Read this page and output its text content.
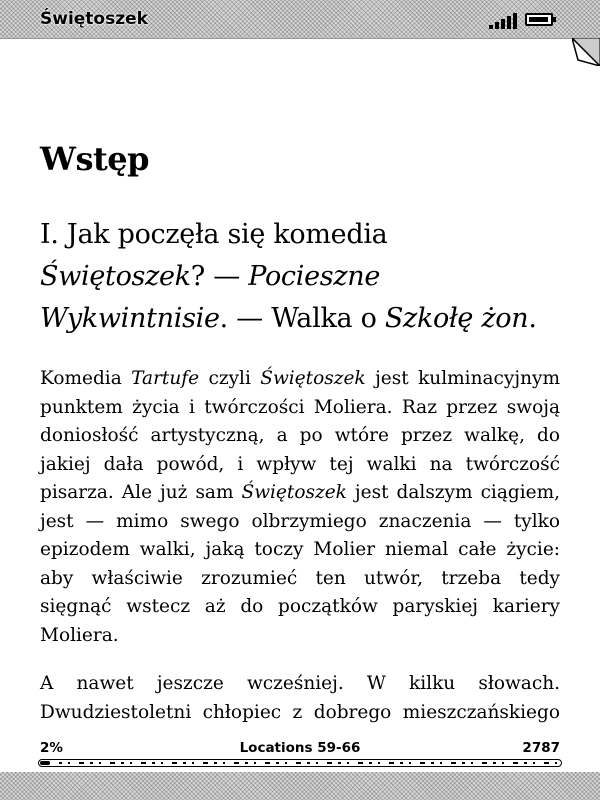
Świętoszek
Wstęp
I. Jak poczęła się komedia Świętoszek? — Pocieszne Wykwintnisie. — Walka o Szkołę żon.

Komedia Tartufe czyli Świętoszek jest kulminacyjnym punktem życia i twórczości Moliera. Raz przez swoją doniosłość artystyczną, a po wtóre przez walkę, do jakiej dała powód, i wpływ tej walki na twórczość pisarza. Ale już sam Świętoszek jest dalszym ciągiem, jest — mimo swego olbrzymiego znaczenia — tylko epizodem walki, jaką toczy Molier niemal całe życie: aby właściwie zrozumieć ten utwór, trzeba tedy sięgnąć wstecz aż do początków paryskiej kariery Moliera.

A nawet jeszcze wcześniej. W kilku słowach. Dwudziestoletni chłopiec z dobrego mieszczańskiego

2%	Locations 59-66	2787
